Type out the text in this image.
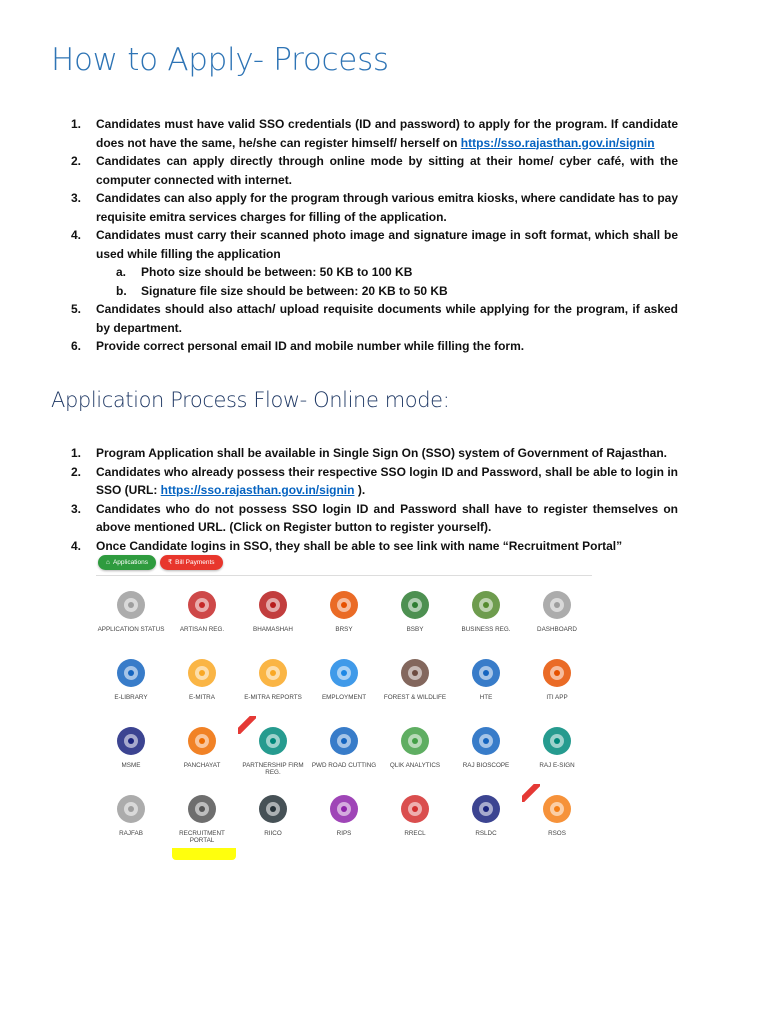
How to Apply- Process
1. Candidates must have valid SSO credentials (ID and password) to apply for the program. If candidate does not have the same, he/she can register himself/ herself on https://sso.rajasthan.gov.in/signin
2. Candidates can apply directly through online mode by sitting at their home/ cyber café, with the computer connected with internet.
3. Candidates can also apply for the program through various emitra kiosks, where candidate has to pay requisite emitra services charges for filling of the application.
4. Candidates must carry their scanned photo image and signature image in soft format, which shall be used while filling the application
a. Photo size should be between: 50 KB to 100 KB
b. Signature file size should be between: 20 KB to 50 KB
5. Candidates should also attach/ upload requisite documents while applying for the program, if asked by department.
6. Provide correct personal email ID and mobile number while filling the form.
Application Process Flow- Online mode:
1. Program Application shall be available in Single Sign On (SSO) system of Government of Rajasthan.
2. Candidates who already possess their respective SSO login ID and Password, shall be able to login in SSO (URL: https://sso.rajasthan.gov.in/signin ).
3. Candidates who do not possess SSO login ID and Password shall have to register themselves on above mentioned URL. (Click on Register button to register yourself).
4. Once Candidate logins in SSO, they shall be able to see link with name “Recruitment Portal”
⌂ Applications	₹ Bill Payments
APPLICATION STATUS	ARTISAN REG.	BHAMASHAH	BRSY	BSBY	BUSINESS REG.	DASHBOARD
E-LIBRARY	E-MITRA	E-MITRA REPORTS	EMPLOYMENT	FOREST & WILDLIFE	HTE	ITI APP
MSME	PANCHAYAT	PARTNERSHIP FIRM REG.
PWD ROAD CUTTING	QLIK ANALYTICS	RAJ BIOSCOPE	RAJ E-SIGN
RAJFAB	RECRUITMENT PORTAL
RIICO	RIPS	RRECL	RSLDC	RSOS
